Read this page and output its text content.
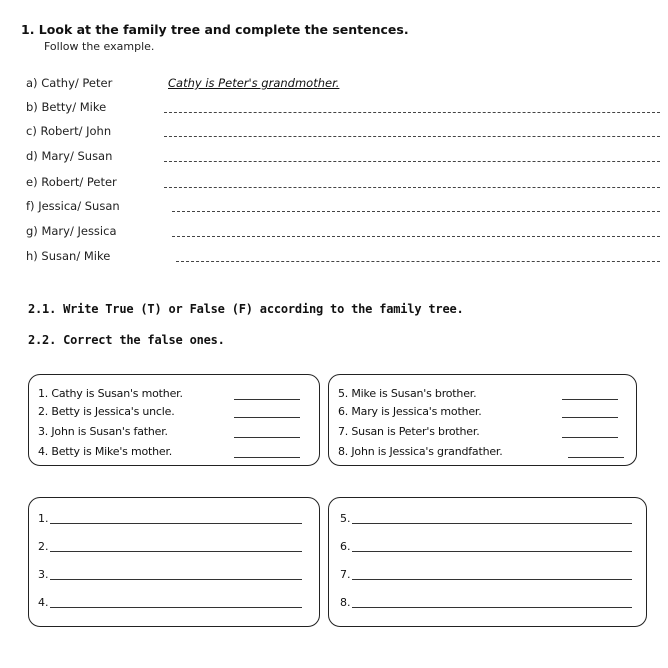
1. Look at the family tree and complete the sentences.
Follow the example.
a) Cathy/ Peter	Cathy is Peter's grandmother.
b) Betty/ Mike
c) Robert/ John
d) Mary/ Susan
e) Robert/ Peter
f) Jessica/ Susan
g) Mary/ Jessica
h) Susan/ Mike
2.1. Write True (T) or False (F) according to the family tree.
2.2. Correct the false ones.
1. Cathy is Susan's mother.
2. Betty is Jessica's uncle.
3. John is Susan's father.
4. Betty is Mike's mother.
5. Mike is Susan's brother.
6. Mary is Jessica's mother.
7. Susan is Peter's brother.
8. John is Jessica's grandfather.
1.
2.
3.
4.
5.
6.
7.
8.
